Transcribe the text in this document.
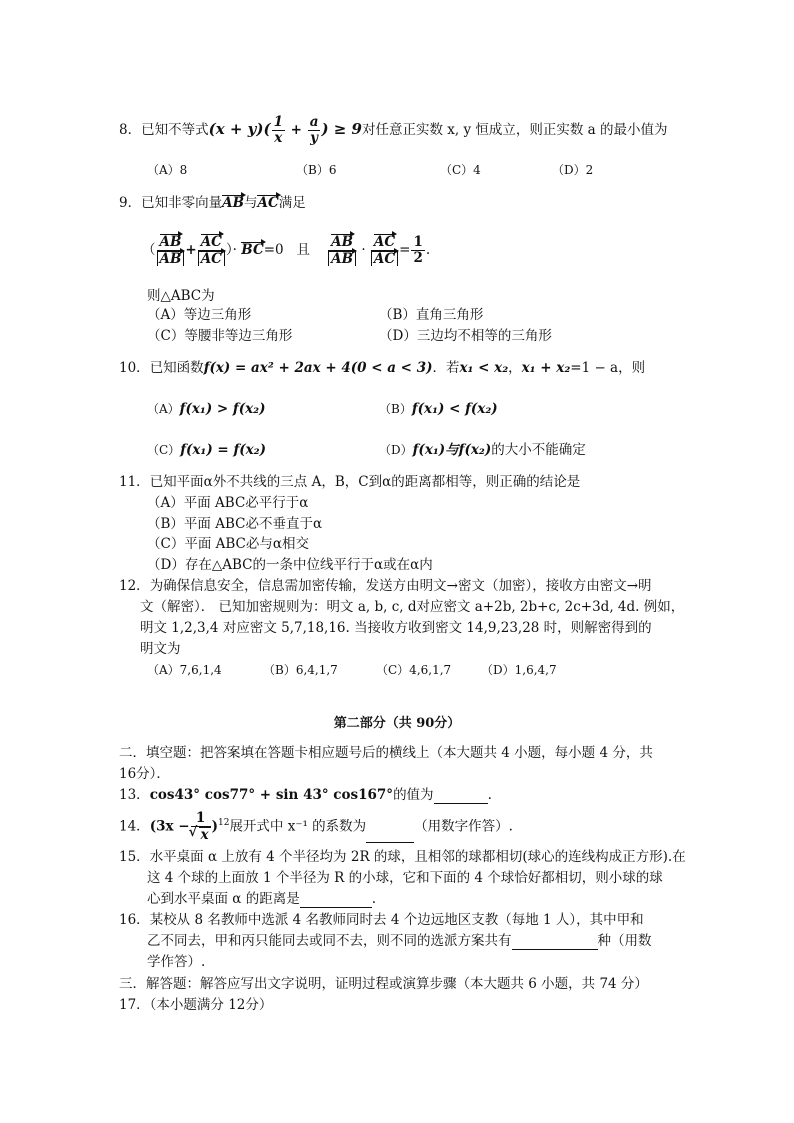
8．已知不等式$(x + y)( \frac{1}{x} + \frac{a}{y}$ ) ≥ 9对任意正实数 x, y 恒成立，则正实数 a 的最小值为
（A）8	（B）6	（C）4	（D）2
9．已知非零向量AB与AC满足
（ $\frac{AB}{AB} + \frac{AC}{AC}$ ）· BC=0 且 $\frac{AB}{AB} \cdot \frac{AC}{AC} = \frac{1}{2}$ .
则△ABC为
（A）等边三角形	（B）直角三角形
（C）等腰非等边三角形	（D）三边均不相等的三角形
10．已知函数f(x) = ax² + 2ax + 4(0 < a < 3)．若x₁ < x₂，x₁ + x₂=1 − a，则
（A）f(x₁) > f(x₂)	（B）f(x₁) < f(x₂)
（C）f(x₁) = f(x₂)	（D）f(x₁)与f(x₂)的大小不能确定
11．已知平面α外不共线的三点 A，B，C到α的距离都相等，则正确的结论是
（A）平面 ABC必平行于α
（B）平面 ABC必不垂直于α
（C）平面 ABC必与α相交
（D）存在△ABC的一条中位线平行于α或在α内
12．为确保信息安全，信息需加密传输，发送方由明文→密文（加密），接收方由密文→明
文（解密）． 已知加密规则为：明文 a, b, c, d对应密文 a+2b, 2b+c, 2c+3d, 4d. 例如，
明文 1,2,3,4 对应密文 5,7,18,16. 当接收方收到密文 14,9,23,28 时，则解密得到的
明文为
（A）7,6,1,4	（B）6,4,1,7	（C）4,6,1,7 （D）1,6,4,7
第二部分（共 90分）
二．填空题：把答案填在答题卡相应题号后的横线上（本大题共 4 小题，每小题 4 分，共
16分）．
13．cos43° cos77° + sin 43° cos167°的值为	.
14．(3x − 1
√ x )$^{12}$展开式中 x⁻¹ 的系数为	（用数字作答）.
15．水平桌面 α 上放有 4 个半径均为 2R 的球，且相邻的球都相切(球心的连线构成正方形).在
这 4 个球的上面放 1 个半径为 R 的小球，它和下面的 4 个球恰好都相切，则小球的球
心到水平桌面 α 的距离是	.
16．某校从 8 名教师中选派 4 名教师同时去 4 个边远地区支教（每地 1 人），其中甲和
乙不同去，甲和丙只能同去或同不去，则不同的选派方案共有	种（用数
学作答）.
三．解答题：解答应写出文字说明，证明过程或演算步骤（本大题共 6 小题，共 74 分）
17．（本小题满分 12分）
